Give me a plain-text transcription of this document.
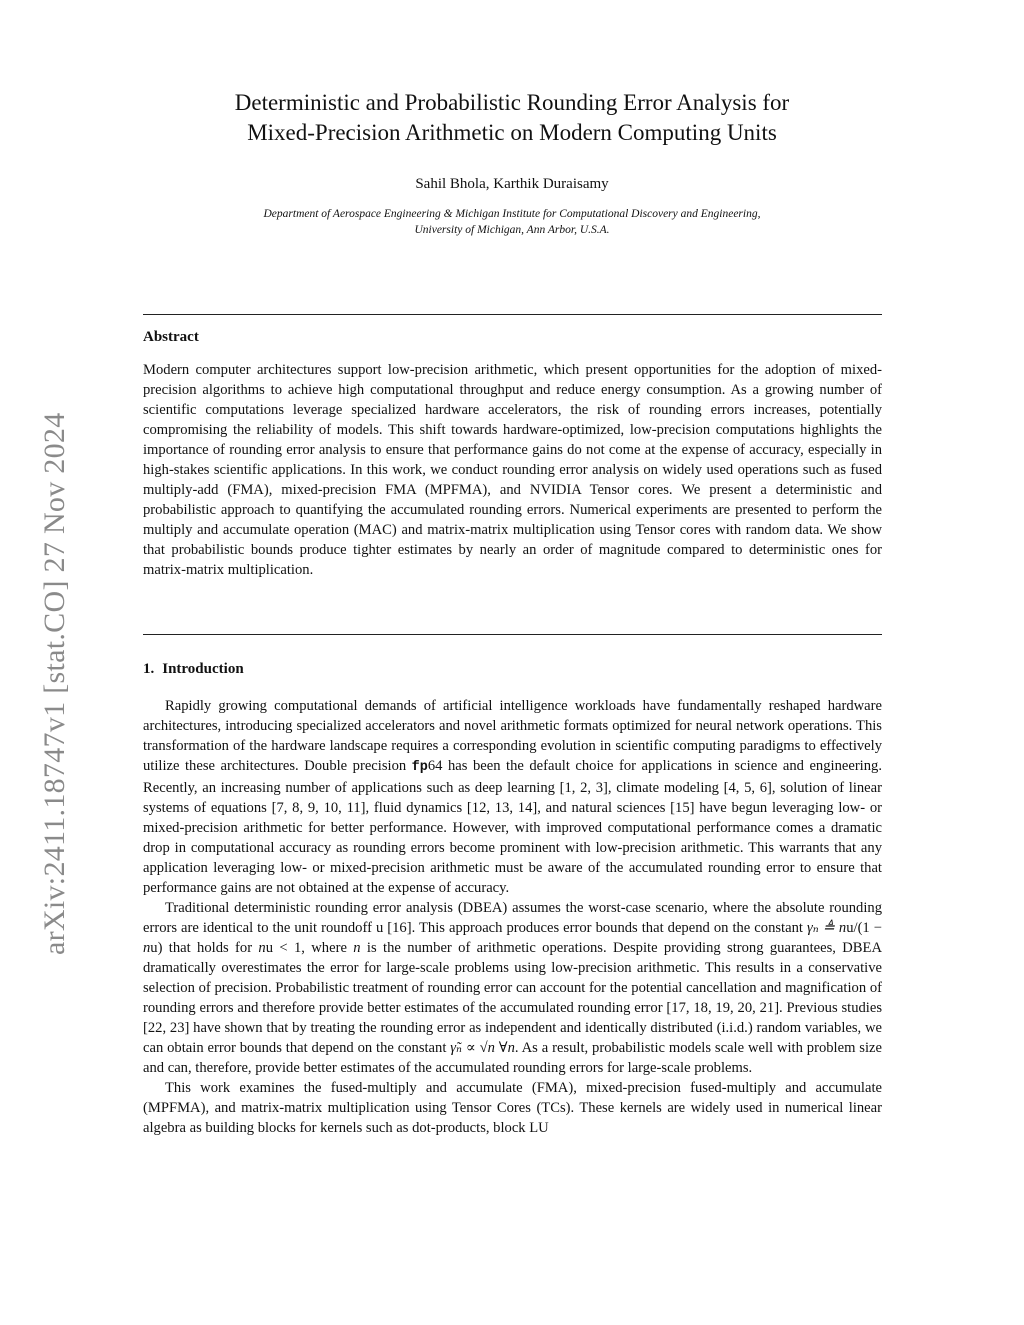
arXiv:2411.18747v1 [stat.CO] 27 Nov 2024
Deterministic and Probabilistic Rounding Error Analysis for
Mixed-Precision Arithmetic on Modern Computing Units
Sahil Bhola, Karthik Duraisamy
Department of Aerospace Engineering & Michigan Institute for Computational Discovery and Engineering,
University of Michigan, Ann Arbor, U.S.A.
Abstract
Modern computer architectures support low-precision arithmetic, which present opportunities for the adoption of mixed-precision algorithms to achieve high computational throughput and reduce energy consumption. As a growing number of scientific computations leverage specialized hardware accelerators, the risk of rounding errors increases, potentially compromising the reliability of models. This shift towards hardware-optimized, low-precision computations highlights the importance of rounding error analysis to ensure that performance gains do not come at the expense of accuracy, especially in high-stakes scientific applications. In this work, we conduct rounding error analysis on widely used operations such as fused multiply-add (FMA), mixed-precision FMA (MPFMA), and NVIDIA Tensor cores. We present a deterministic and probabilistic approach to quantifying the accumulated rounding errors. Numerical experiments are presented to perform the multiply and accumulate operation (MAC) and matrix-matrix multiplication using Tensor cores with random data. We show that probabilistic bounds produce tighter estimates by nearly an order of magnitude compared to deterministic ones for matrix-matrix multiplication.
1. Introduction

Rapidly growing computational demands of artificial intelligence workloads have fundamentally reshaped hardware architectures, introducing specialized accelerators and novel arithmetic formats optimized for neural network operations. This transformation of the hardware landscape requires a corresponding evolution in scientific computing paradigms to effectively utilize these architectures. Double precision fp64 has been the default choice for applications in science and engineering. Recently, an increasing number of applications such as deep learning [1, 2, 3], climate modeling [4, 5, 6], solution of linear systems of equations [7, 8, 9, 10, 11], fluid dynamics [12, 13, 14], and natural sciences [15] have begun leveraging low- or mixed-precision arithmetic for better performance. However, with improved computational performance comes a dramatic drop in computational accuracy as rounding errors become prominent with low-precision arithmetic. This warrants that any application leveraging low- or mixed-precision arithmetic must be aware of the accumulated rounding error to ensure that performance gains are not obtained at the expense of accuracy.

Traditional deterministic rounding error analysis (DBEA) assumes the worst-case scenario, where the absolute rounding errors are identical to the unit roundoff u [16]. This approach produces error bounds that depend on the constant γₙ ≜ nu/(1 − nu) that holds for nu < 1, where n is the number of arithmetic operations. Despite providing strong guarantees, DBEA dramatically overestimates the error for large-scale problems using low-precision arithmetic. This results in a conservative selection of precision. Probabilistic treatment of rounding error can account for the potential cancellation and magnification of rounding errors and therefore provide better estimates of the accumulated rounding error [17, 18, 19, 20, 21]. Previous studies [22, 23] have shown that by treating the rounding error as independent and identically distributed (i.i.d.) random variables, we can obtain error bounds that depend on the constant γ̃ₙ ∝ √n ∀n. As a result, probabilistic models scale well with problem size and can, therefore, provide better estimates of the accumulated rounding errors for large-scale problems.

This work examines the fused-multiply and accumulate (FMA), mixed-precision fused-multiply and accumulate (MPFMA), and matrix-matrix multiplication using Tensor Cores (TCs). These kernels are widely used in numerical linear algebra as building blocks for kernels such as dot-products, block LU
